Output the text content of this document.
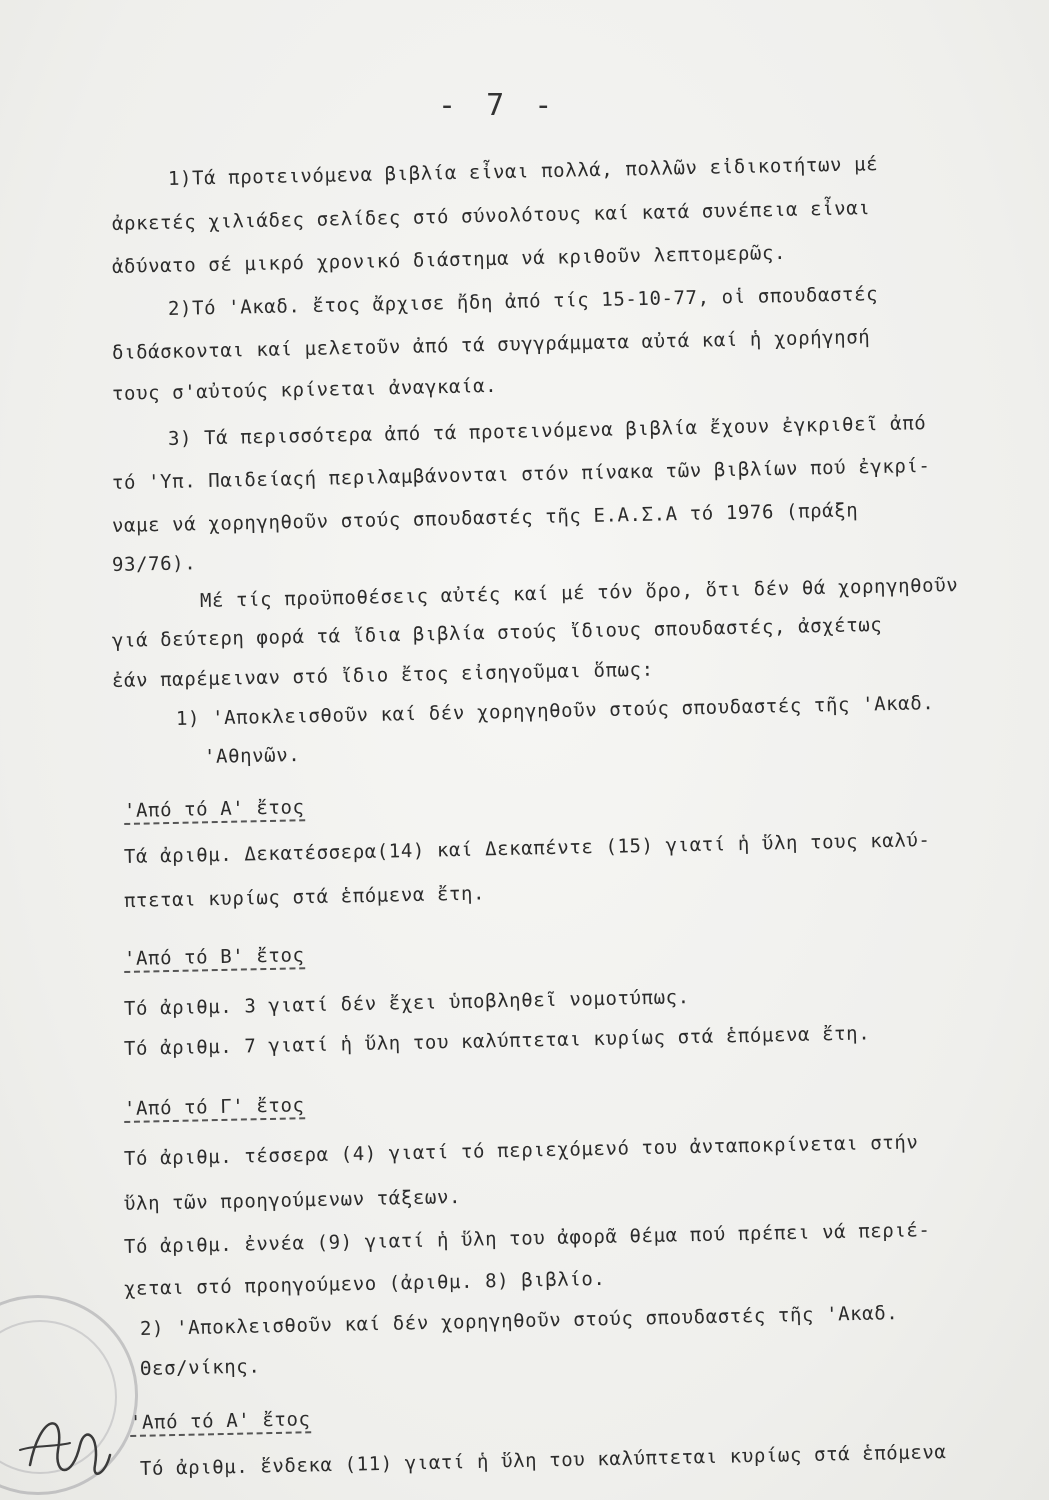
- 7 -
1)Τά προτεινόμενα βιβλία εἶναι πολλά, πολλῶν εἰδικοτήτων μέ
ἀρκετές χιλιάδες σελίδες στό σύνολότους καί κατά συνέπεια εἶναι
ἀδύνατο σέ μικρό χρονικό διάστημα νά κριθοῦν λεπτομερῶς.
2)Τό 'Ακαδ. ἔτος ἄρχισε ἤδη ἀπό τίς 15-10-77, οἱ σπουδαστές
διδάσκονται καί μελετοῦν ἀπό τά συγγράμματα αὐτά καί ἡ χορήγησή
τους σ'αὐτούς κρίνεται ἀναγκαία.
3) Τά περισσότερα ἀπό τά προτεινόμενα βιβλία ἔχουν ἐγκριθεῖ ἀπό
τό 'Υπ. Παιδείαςή περιλαμβάνονται στόν πίνακα τῶν βιβλίων πού ἐγκρί-
ναμε νά χορηγηθοῦν στούς σπουδαστές τῆς Ε.Α.Σ.Α τό 1976 (πράξη
93/76).
Μέ τίς προϋποθέσεις αὐτές καί μέ τόν ὅρο, ὅτι δέν θά χορηγηθοῦν
γιά δεύτερη φορά τά ἴδια βιβλία στούς ἴδιους σπουδαστές, ἀσχέτως
ἐάν παρέμειναν στό ἴδιο ἔτος εἰσηγοῦμαι ὅπως:
1) 'Αποκλεισθοῦν καί δέν χορηγηθοῦν στούς σπουδαστές τῆς 'Ακαδ.
'Αθηνῶν.
'Από τό Α' ἔτος
Τά ἀριθμ. Δεκατέσσερα(14) καί Δεκαπέντε (15) γιατί ἡ ὕλη τους καλύ-
πτεται κυρίως στά ἑπόμενα ἔτη.
'Από τό Β' ἔτος
Τό ἀριθμ. 3 γιατί δέν ἔχει ὑποβληθεῖ νομοτύπως.
Τό ἀριθμ. 7 γιατί ἡ ὕλη του καλύπτεται κυρίως στά ἑπόμενα ἔτη.
'Από τό Γ' ἔτος
Τό ἀριθμ. τέσσερα (4) γιατί τό περιεχόμενό του ἀνταποκρίνεται στήν
ὕλη τῶν προηγούμενων τάξεων.
Τό ἀριθμ. ἐννέα (9) γιατί ἡ ὕλη του ἀφορᾶ θέμα πού πρέπει νά περιέ-
χεται στό προηγούμενο (ἀριθμ. 8) βιβλίο.
2) 'Αποκλεισθοῦν καί δέν χορηγηθοῦν στούς σπουδαστές τῆς 'Ακαδ.
Θεσ/νίκης.
'Από τό Α' ἔτος
Τό ἀριθμ. ἕνδεκα (11) γιατί ἡ ὕλη του καλύπτεται κυρίως στά ἑπόμενα
